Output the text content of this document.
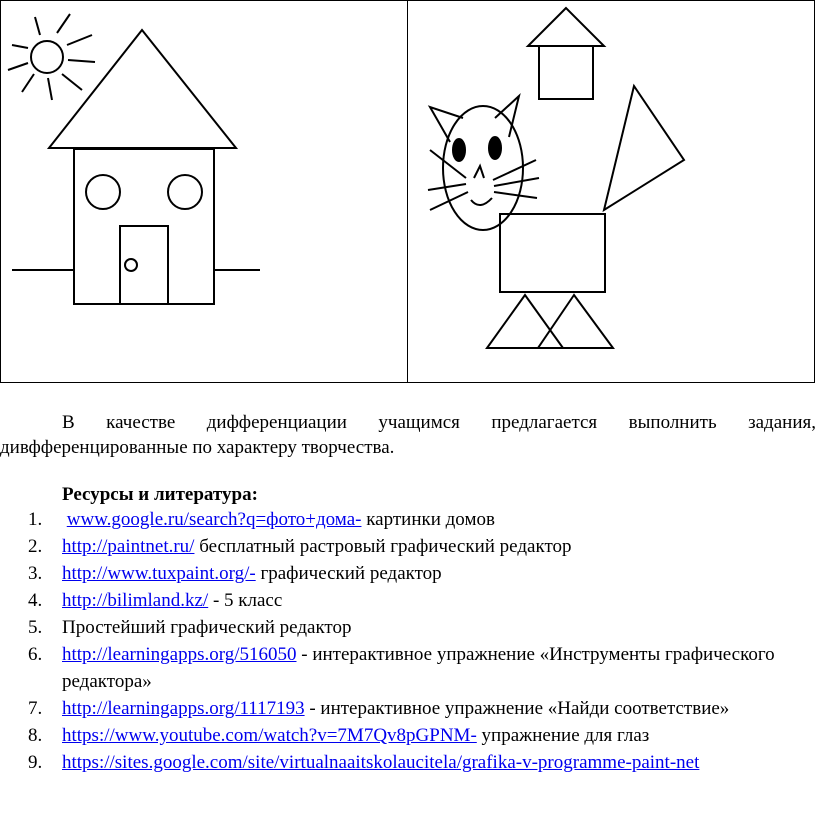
В качестве дифференциации учащимся предлагается выполнить задания,
дивфференцированные по характеру творчества.
Ресурсы и литература:
1. www.google.ru/search?q=фото+дома- картинки домов
2. http://paintnet.ru/ бесплатный растровый графический редактор
3. http://www.tuxpaint.org/- графический редактор
4. http://bilimland.kz/ - 5 класс
5. Простейший графический редактор
6. http://learningapps.org/516050 - интерактивное упражнение «Инструменты графического редактора»
7. http://learningapps.org/1117193 - интерактивное упражнение «Найди соответствие»
8. https://www.youtube.com/watch?v=7M7Qv8pGPNM- упражнение для глаз
9. https://sites.google.com/site/virtualnaaitskolaucitela/grafika-v-programme-paint-net
